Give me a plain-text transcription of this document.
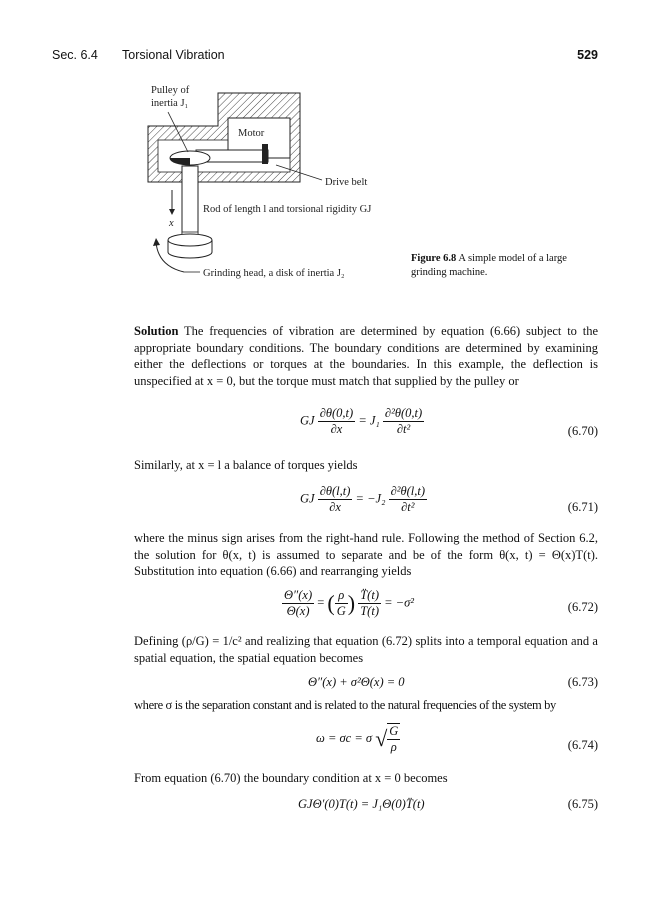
Sec. 6.4 Torsional Vibration	529
Pulley of
inertia J₁
Motor
Drive belt
Rod of length l and torsional rigidity GJ
x
Grinding head, a disk of inertia J₂
Figure 6.8 A simple model of a large grinding machine.
Solution The frequencies of vibration are determined by equation (6.66) subject to the appropriate boundary conditions. The boundary conditions are determined by examining either the deflections or torques at the boundaries. In this example, the deflection is unspecified at x = 0, but the torque must match that supplied by the pulley or
GJ $\frac{\partial\theta(0,t)}{\partial x} = J_1 \frac{\text{∂²θ(0,t)}}{\text{∂t²}}$	(6.70)
Similarly, at x = l a balance of torques yields
GJ $\frac{\partial\theta(l,t)}{\partial x} = -J_2 \frac{\text{∂²θ(l,t)}}{\text{∂t²}}$	(6.71)
where the minus sign arises from the right-hand rule. Following the method of Section 6.2, the solution for θ(x, t) is assumed to separate and be of the form θ(x, t) = Θ(x)T(t). Substitution into equation (6.66) and rearranging yields
$\frac{\Theta''(x)}{\Theta(x)}$ = ( $\frac{\rho}{G}$ ) $\frac{T̈(t)}{T(t)} = -\sigma^2$	(6.72)
Defining (ρ/G) = 1/c² and realizing that equation (6.72) splits into a temporal equation and a spatial equation, the spatial equation becomes
Θ″(x) + σ²Θ(x) = 0	(6.73)
where σ is the separation constant and is related to the natural frequencies of the system by
ω = σc = σ √ $\frac{G}{\rho}$	(6.74)
From equation (6.70) the boundary condition at x = 0 becomes
GJΘ′(0)T(t) = J₁Θ(0)T̈(t)	(6.75)
